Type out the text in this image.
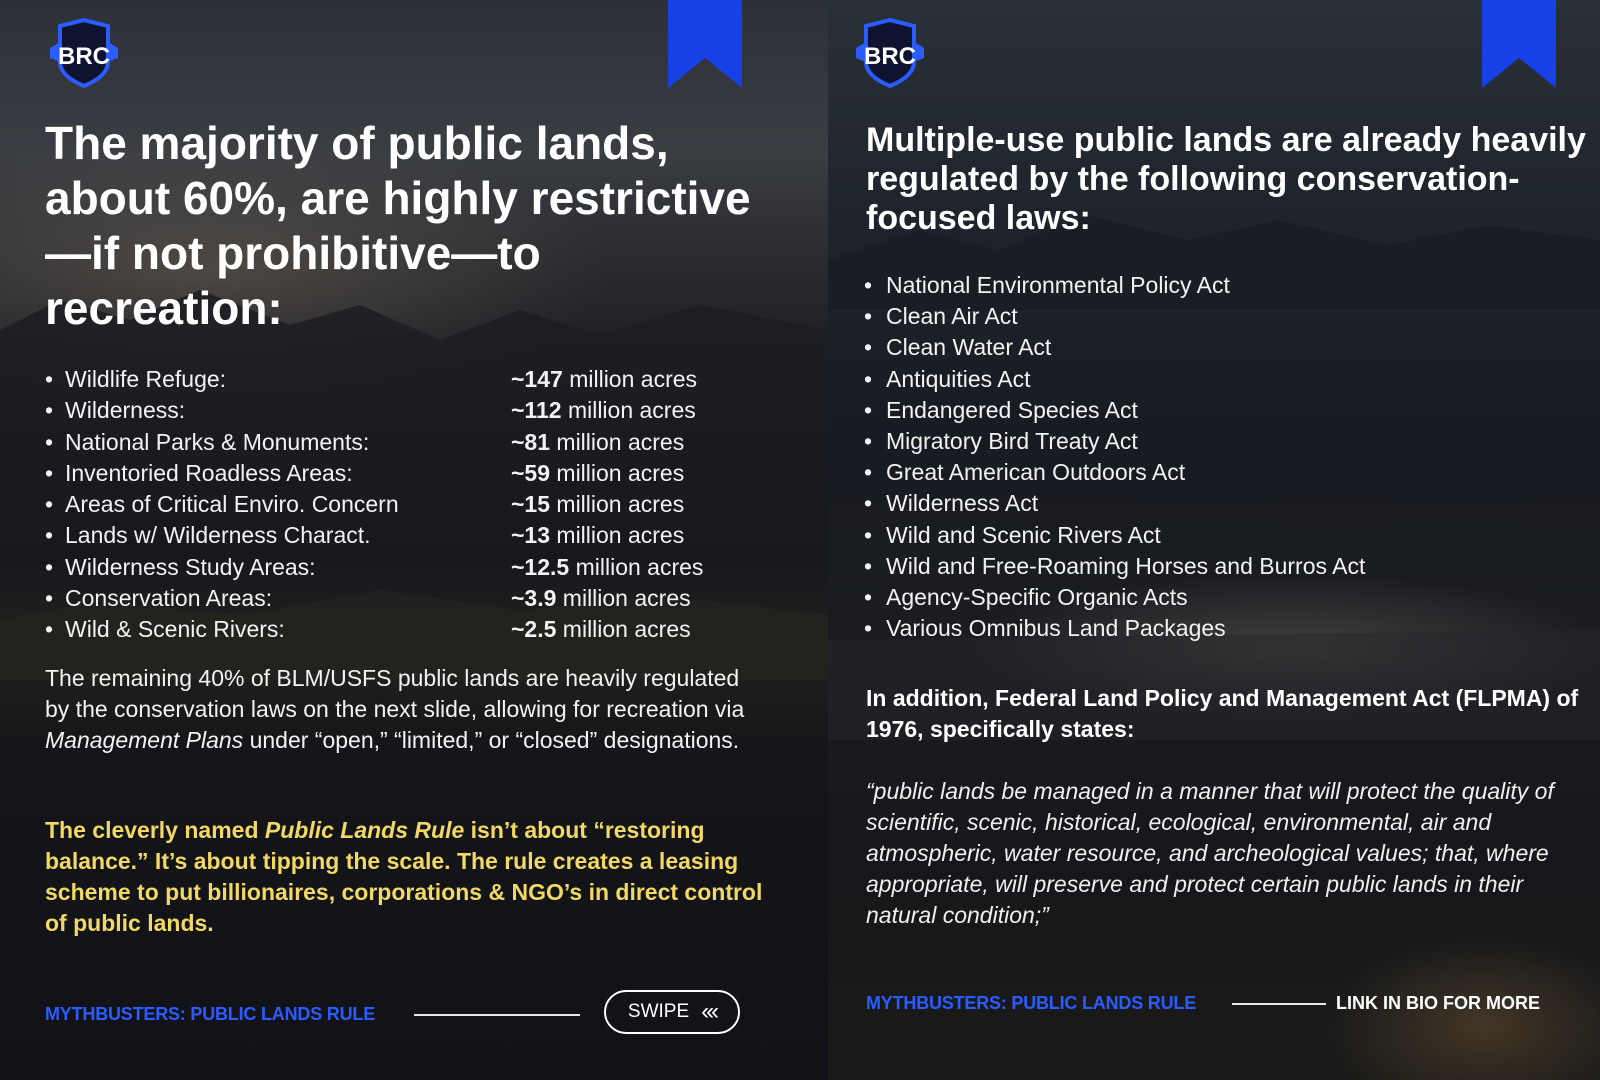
BRC
The majority of public lands, about 60%, are highly restrictive—if not prohibitive—to recreation:
• Wildlife Refuge:	~147 million acres
• Wilderness:	~112 million acres
• National Parks & Monuments:	~81 million acres
• Inventoried Roadless Areas:	~59 million acres
• Areas of Critical Enviro. Concern	~15 million acres
• Lands w/ Wilderness Charact.	~13 million acres
• Wilderness Study Areas:	~12.5 million acres
• Conservation Areas:	~3.9 million acres
• Wild & Scenic Rivers:	~2.5 million acres

The remaining 40% of BLM/USFS public lands are heavily regulated by the conservation laws on the next slide, allowing for recreation via Management Plans under “open,” “limited,” or “closed” designations.

The cleverly named Public Lands Rule isn’t about “restoring balance.” It’s about tipping the scale. The rule creates a leasing scheme to put billionaires, corporations & NGO’s in direct control of public lands.

MYTHBUSTERS: PUBLIC LANDS RULE	SWIPE ‹‹‹
BRC
Multiple-use public lands are already heavily regulated by the following conservation-focused laws:
• National Environmental Policy Act
• Clean Air Act
• Clean Water Act
• Antiquities Act
• Endangered Species Act
• Migratory Bird Treaty Act
• Great American Outdoors Act
• Wilderness Act
• Wild and Scenic Rivers Act
• Wild and Free-Roaming Horses and Burros Act
• Agency-Specific Organic Acts
• Various Omnibus Land Packages

In addition, Federal Land Policy and Management Act (FLPMA) of 1976, specifically states:

“public lands be managed in a manner that will protect the quality of scientific, scenic, historical, ecological, environmental, air and atmospheric, water resource, and archeological values; that, where appropriate, will preserve and protect certain public lands in their natural condition;”

MYTHBUSTERS: PUBLIC LANDS RULE	LINK IN BIO FOR MORE
